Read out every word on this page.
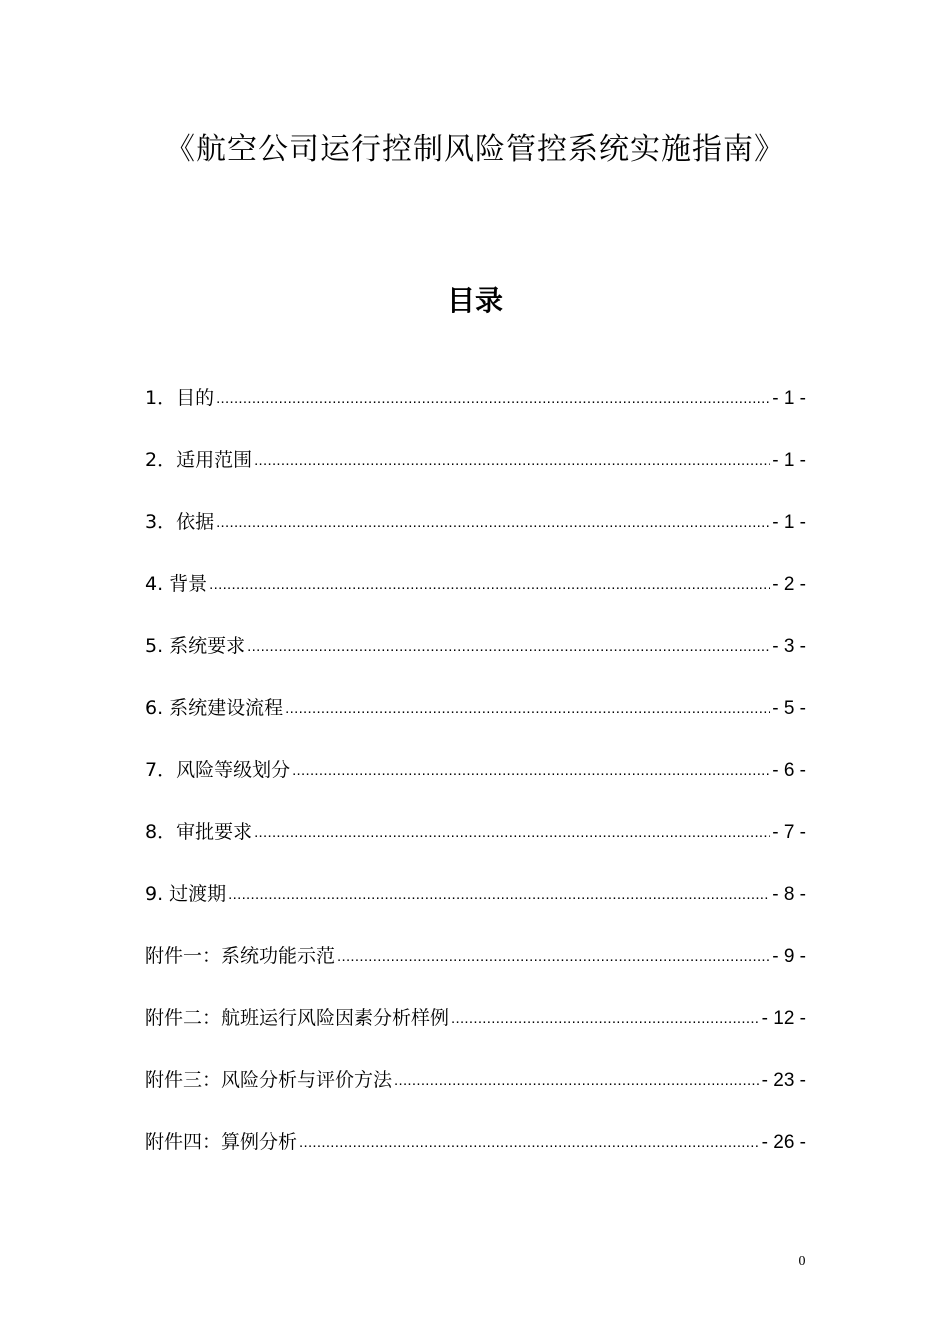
《航空公司运行控制风险管控系统实施指南》
目录
1．目的 .....	- 1 -
2．适用范围 .....	- 1 -
3．依据 .....	- 1 -
4. 背景 .....	- 2 -
5. 系统要求 .....	- 3 -
6. 系统建设流程 .....	- 5 -
7．风险等级划分 .....	- 6 -
8．审批要求 .....	- 7 -
9. 过渡期 .....	- 8 -
附件一：系统功能示范 .....	- 9 -
附件二：航班运行风险因素分析样例 .....	- 12 -
附件三：风险分析与评价方法 .....	- 23 -
附件四：算例分析 .....	- 26 -
0
